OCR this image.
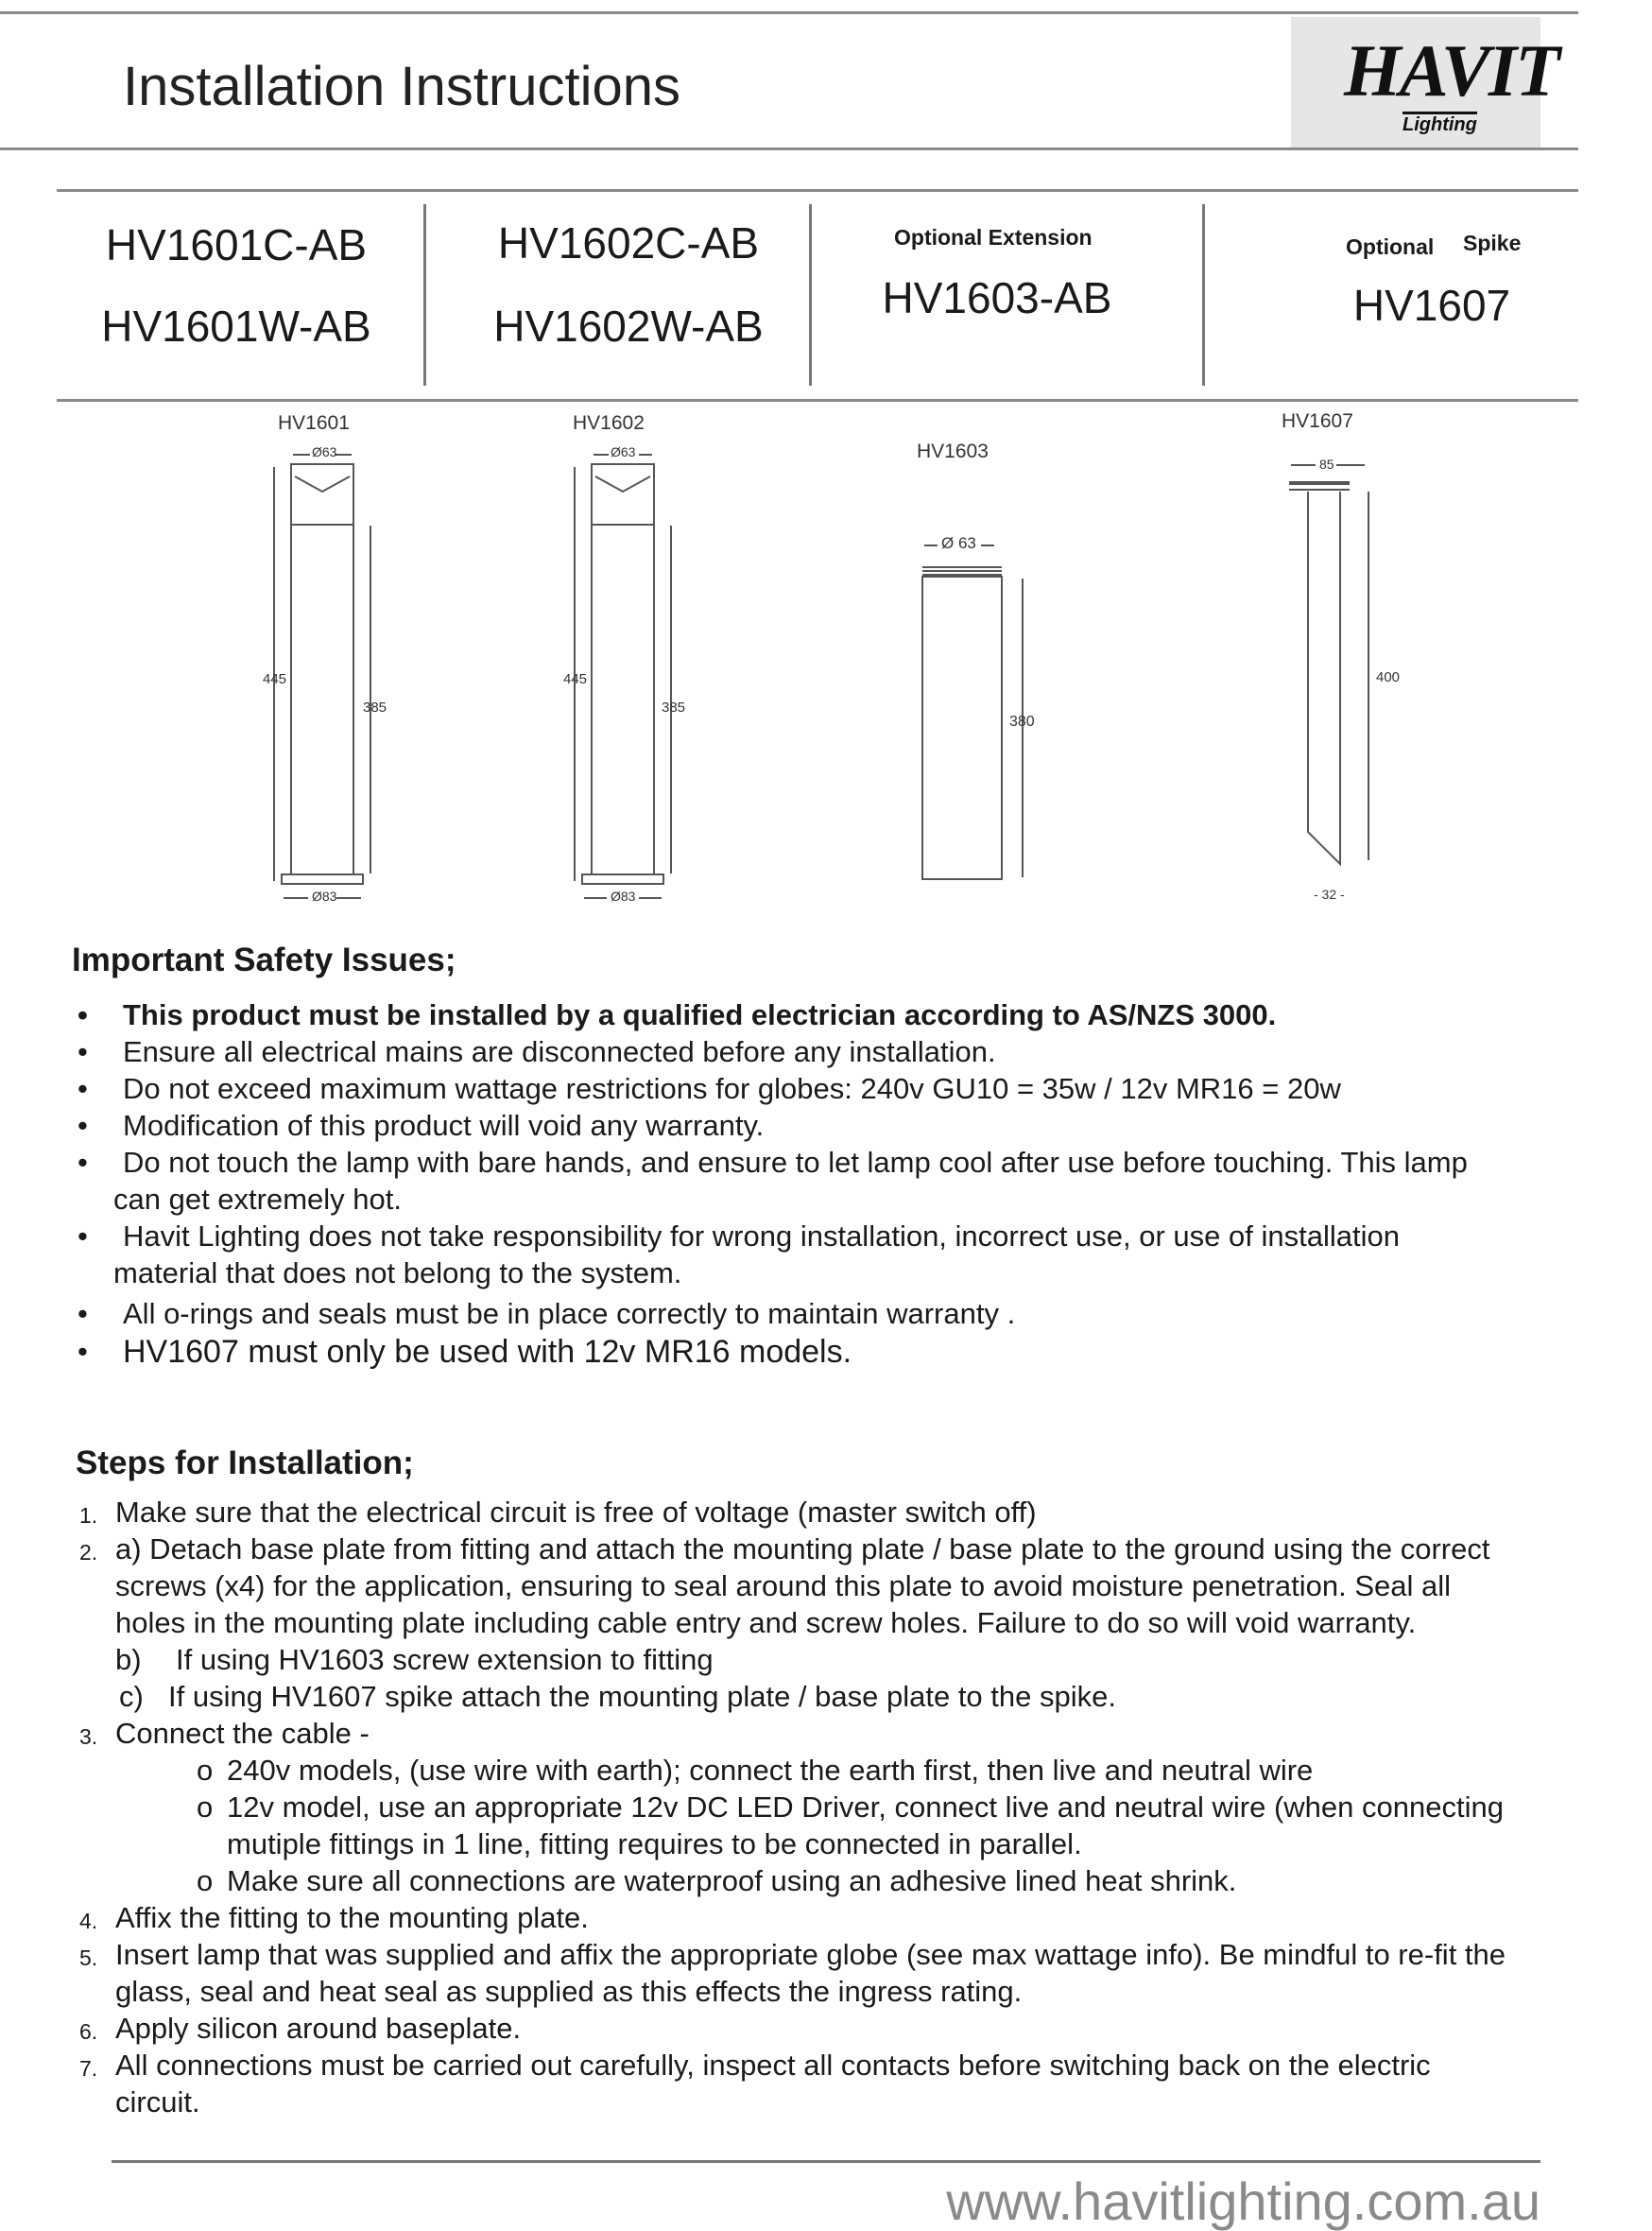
Installation Instructions	HAVIT
Lighting
HV1601C-AB
HV1601W-AB
HV1602C-AB
HV1602W-AB
Optional Extension
HV1603-AB
Optional Spike
HV1607
HV1601	HV1602
HV1603
HV1607
Ø63
445
385
Ø83
Ø63
445
385
Ø83
Ø 63
380
85
400
- 32 -
Important Safety Issues;
• This product must be installed by a qualified electrician according to AS/NZS 3000.
• Ensure all electrical mains are disconnected before any installation.
• Do not exceed maximum wattage restrictions for globes: 240v GU10 = 35w / 12v MR16 = 20w
• Modification of this product will void any warranty.
• Do not touch the lamp with bare hands, and ensure to let lamp cool after use before touching. This lamp
can get extremely hot.
• Havit Lighting does not take responsibility for wrong installation, incorrect use, or use of installation
material that does not belong to the system.
• All o-rings and seals must be in place correctly to maintain warranty .
• HV1607 must only be used with 12v MR16 models.
Steps for Installation;
1. Make sure that the electrical circuit is free of voltage (master switch off)
2. a) Detach base plate from fitting and attach the mounting plate / base plate to the ground using the correct
screws (x4) for the application, ensuring to seal around this plate to avoid moisture penetration. Seal all
holes in the mounting plate including cable entry and screw holes. Failure to do so will void warranty.
b) If using HV1603 screw extension to fitting
c) If using HV1607 spike attach the mounting plate / base plate to the spike.
3. Connect the cable -
o 240v models, (use wire with earth); connect the earth first, then live and neutral wire
o 12v model, use an appropriate 12v DC LED Driver, connect live and neutral wire (when connecting
mutiple fittings in 1 line, fitting requires to be connected in parallel.
o Make sure all connections are waterproof using an adhesive lined heat shrink.
4. Affix the fitting to the mounting plate.
5. Insert lamp that was supplied and affix the appropriate globe (see max wattage info). Be mindful to re-fit the
glass, seal and heat seal as supplied as this effects the ingress rating.
6. Apply silicon around baseplate.
7. All connections must be carried out carefully, inspect all contacts before switching back on the electric
circuit.
www.havitlighting.com.au
